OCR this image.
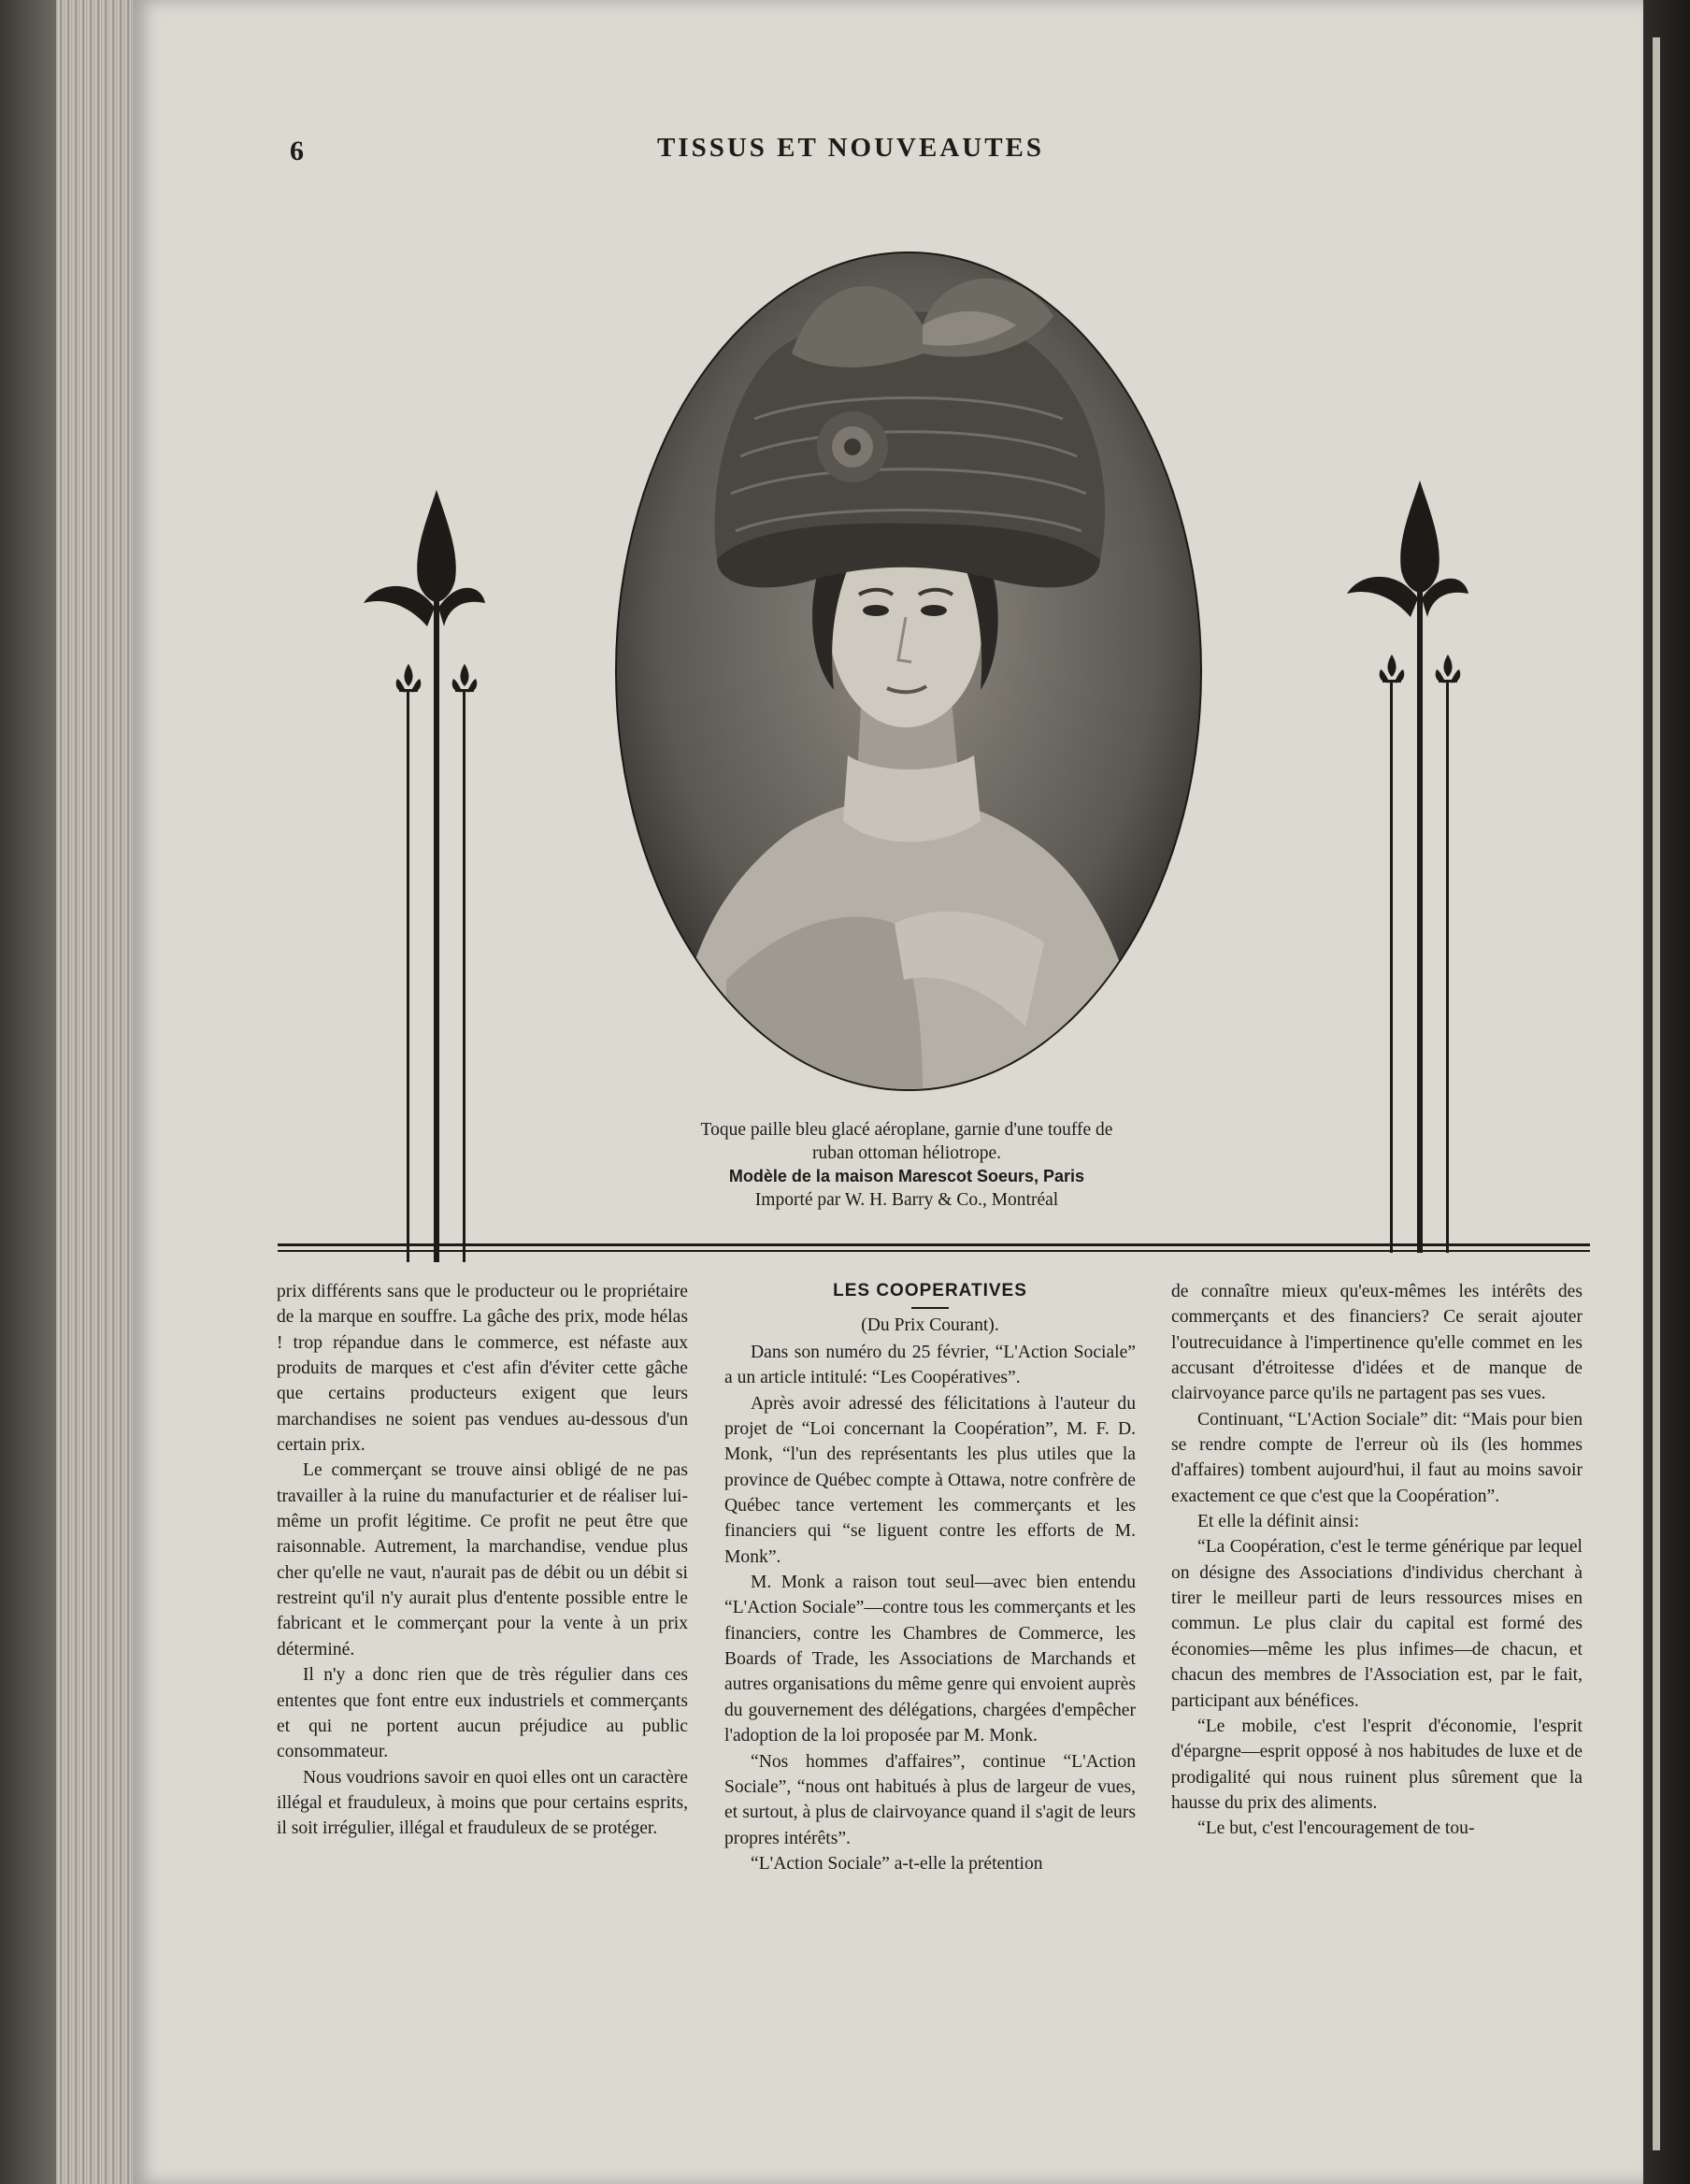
6	TISSUS ET NOUVEAUTES
Toque paille bleu glacé aéroplane, garnie d'une touffe de
ruban ottoman héliotrope.
Modèle de la maison Marescot Soeurs, Paris
Importé par W. H. Barry & Co., Montréal

prix différents sans que le producteur ou le propriétaire de la marque en souffre. La gâche des prix, mode hélas ! trop répandue dans le commerce, est néfaste aux produits de marques et c'est afin d'éviter cette gâche que certains producteurs exigent que leurs marchandises ne soient pas vendues au-dessous d'un certain prix.

Le commerçant se trouve ainsi obligé de ne pas travailler à la ruine du manufacturier et de réaliser lui-même un profit légitime. Ce profit ne peut être que raisonnable. Autrement, la marchandise, vendue plus cher qu'elle ne vaut, n'aurait pas de débit ou un débit si restreint qu'il n'y aurait plus d'entente possible entre le fabricant et le commerçant pour la vente à un prix déterminé.

Il n'y a donc rien que de très régulier dans ces ententes que font entre eux industriels et commerçants et qui ne portent aucun préjudice au public consommateur.

Nous voudrions savoir en quoi elles ont un caractère illégal et frauduleux, à moins que pour certains esprits, il soit irrégulier, illégal et frauduleux de se protéger.

LES COOPERATIVES
(Du Prix Courant).

Dans son numéro du 25 février, “L'Action Sociale” a un article intitulé: “Les Coopératives”.

Après avoir adressé des félicitations à l'auteur du projet de “Loi concernant la Coopération”, M. F. D. Monk, “l'un des représentants les plus utiles que la province de Québec compte à Ottawa, notre confrère de Québec tance vertement les commerçants et les financiers qui “se liguent contre les efforts de M. Monk”.

M. Monk a raison tout seul—avec bien entendu “L'Action Sociale”—contre tous les commerçants et les financiers, contre les Chambres de Commerce, les Boards of Trade, les Associations de Marchands et autres organisations du même genre qui envoient auprès du gouvernement des délégations, chargées d'empêcher l'adoption de la loi proposée par M. Monk.

“Nos hommes d'affaires”, continue “L'Action Sociale”, “nous ont habitués à plus de largeur de vues, et surtout, à plus de clairvoyance quand il s'agit de leurs propres intérêts”.

“L'Action Sociale” a-t-elle la prétention

de connaître mieux qu'eux-mêmes les intérêts des commerçants et des financiers? Ce serait ajouter l'outrecuidance à l'impertinence qu'elle commet en les accusant d'étroitesse d'idées et de manque de clairvoyance parce qu'ils ne partagent pas ses vues.

Continuant, “L'Action Sociale” dit: “Mais pour bien se rendre compte de l'erreur où ils (les hommes d'affaires) tombent aujourd'hui, il faut au moins savoir exactement ce que c'est que la Coopération”.

Et elle la définit ainsi:

“La Coopération, c'est le terme générique par lequel on désigne des Associations d'individus cherchant à tirer le meilleur parti de leurs ressources mises en commun. Le plus clair du capital est formé des économies—même les plus infimes—de chacun, et chacun des membres de l'Association est, par le fait, participant aux bénéfices.

“Le mobile, c'est l'esprit d'économie, l'esprit d'épargne—esprit opposé à nos habitudes de luxe et de prodigalité qui nous ruinent plus sûrement que la hausse du prix des aliments.

“Le but, c'est l'encouragement de tou-
